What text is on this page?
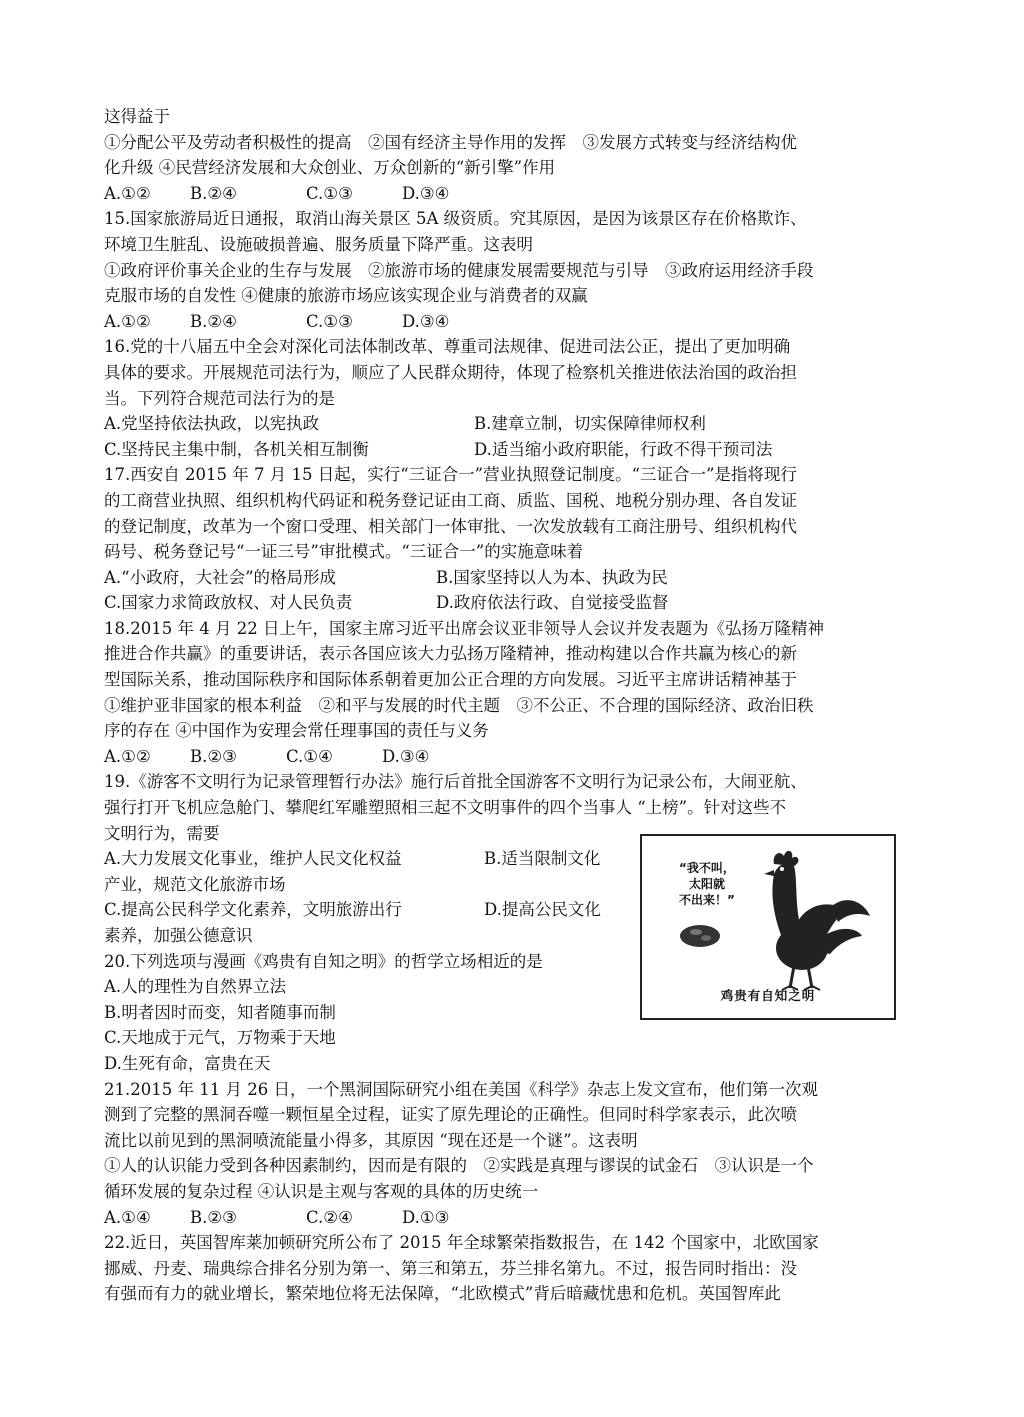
这得益于
①分配公平及劳动者积极性的提高　②国有经济主导作用的发挥　③发展方式转变与经济结构优
化升级 ④民营经济发展和大众创业、万众创新的“新引擎”作用
A.①②	B.②④	C.①③	D.③④
15.国家旅游局近日通报，取消山海关景区 5A 级资质。究其原因，是因为该景区存在价格欺诈、
环境卫生脏乱、设施破损普遍、服务质量下降严重。这表明
①政府评价事关企业的生存与发展　②旅游市场的健康发展需要规范与引导　③政府运用经济手段
克服市场的自发性 ④健康的旅游市场应该实现企业与消费者的双赢
A.①②	B.②④	C.①③	D.③④
16.党的十八届五中全会对深化司法体制改革、尊重司法规律、促进司法公正，提出了更加明确
具体的要求。开展规范司法行为，顺应了人民群众期待，体现了检察机关推进依法治国的政治担
当。下列符合规范司法行为的是
A.党坚持依法执政，以宪执政	B.建章立制，切实保障律师权利
C.坚持民主集中制，各机关相互制衡	D.适当缩小政府职能，行政不得干预司法
17.西安自 2015 年 7 月 15 日起，实行“三证合一”营业执照登记制度。“三证合一”是指将现行
的工商营业执照、组织机构代码证和税务登记证由工商、质监、国税、地税分别办理、各自发证
的登记制度，改革为一个窗口受理、相关部门一体审批、一次发放载有工商注册号、组织机构代
码号、税务登记号“一证三号”审批模式。“三证合一”的实施意味着
A.“小政府，大社会”的格局形成	B.国家坚持以人为本、执政为民
C.国家力求简政放权、对人民负责	D.政府依法行政、自觉接受监督
18.2015 年 4 月 22 日上午，国家主席习近平出席会议亚非领导人会议并发表题为《弘扬万隆精神
推进合作共赢》的重要讲话，表示各国应该大力弘扬万隆精神，推动构建以合作共赢为核心的新
型国际关系，推动国际秩序和国际体系朝着更加公正合理的方向发展。习近平主席讲话精神基于
①维护亚非国家的根本利益　②和平与发展的时代主题　③不公正、不合理的国际经济、政治旧秩
序的存在 ④中国作为安理会常任理事国的责任与义务
A.①②	B.②③	C.①④	D.③④
19.《游客不文明行为记录管理暂行办法》施行后首批全国游客不文明行为记录公布，大闹亚航、
强行打开飞机应急舱门、攀爬红军雕塑照相三起不文明事件的四个当事人 “上榜”。针对这些不
文明行为，需要
A.大力发展文化事业，维护人民文化权益	B.适当限制文化
产业，规范文化旅游市场
C.提高公民科学文化素养，文明旅游出行	D.提高公民文化
素养，加强公德意识
20.下列选项与漫画《鸡贵有自知之明》的哲学立场相近的是
A.人的理性为自然界立法
B.明者因时而变，知者随事而制
C.天地成于元气，万物乘于天地
D.生死有命，富贵在天
21.2015 年 11 月 26 日，一个黑洞国际研究小组在美国《科学》杂志上发文宣布，他们第一次观
测到了完整的黑洞吞噬一颗恒星全过程，证实了原先理论的正确性。但同时科学家表示，此次喷
流比以前见到的黑洞喷流能量小得多，其原因 “现在还是一个谜”。这表明
①人的认识能力受到各种因素制约，因而是有限的　②实践是真理与谬误的试金石　③认识是一个
循环发展的复杂过程 ④认识是主观与客观的具体的历史统一
A.①④	B.②③	C.②④	D.①③
22.近日，英国智库莱加顿研究所公布了 2015 年全球繁荣指数报告，在 142 个国家中，北欧国家
挪威、丹麦、瑞典综合排名分别为第一、第三和第五，芬兰排名第九。不过，报告同时指出：没
有强而有力的就业增长，繁荣地位将无法保障，“北欧模式”背后暗藏忧患和危机。英国智库此
“我不叫，
太阳就
不出来！”
鸡贵有自知之明
